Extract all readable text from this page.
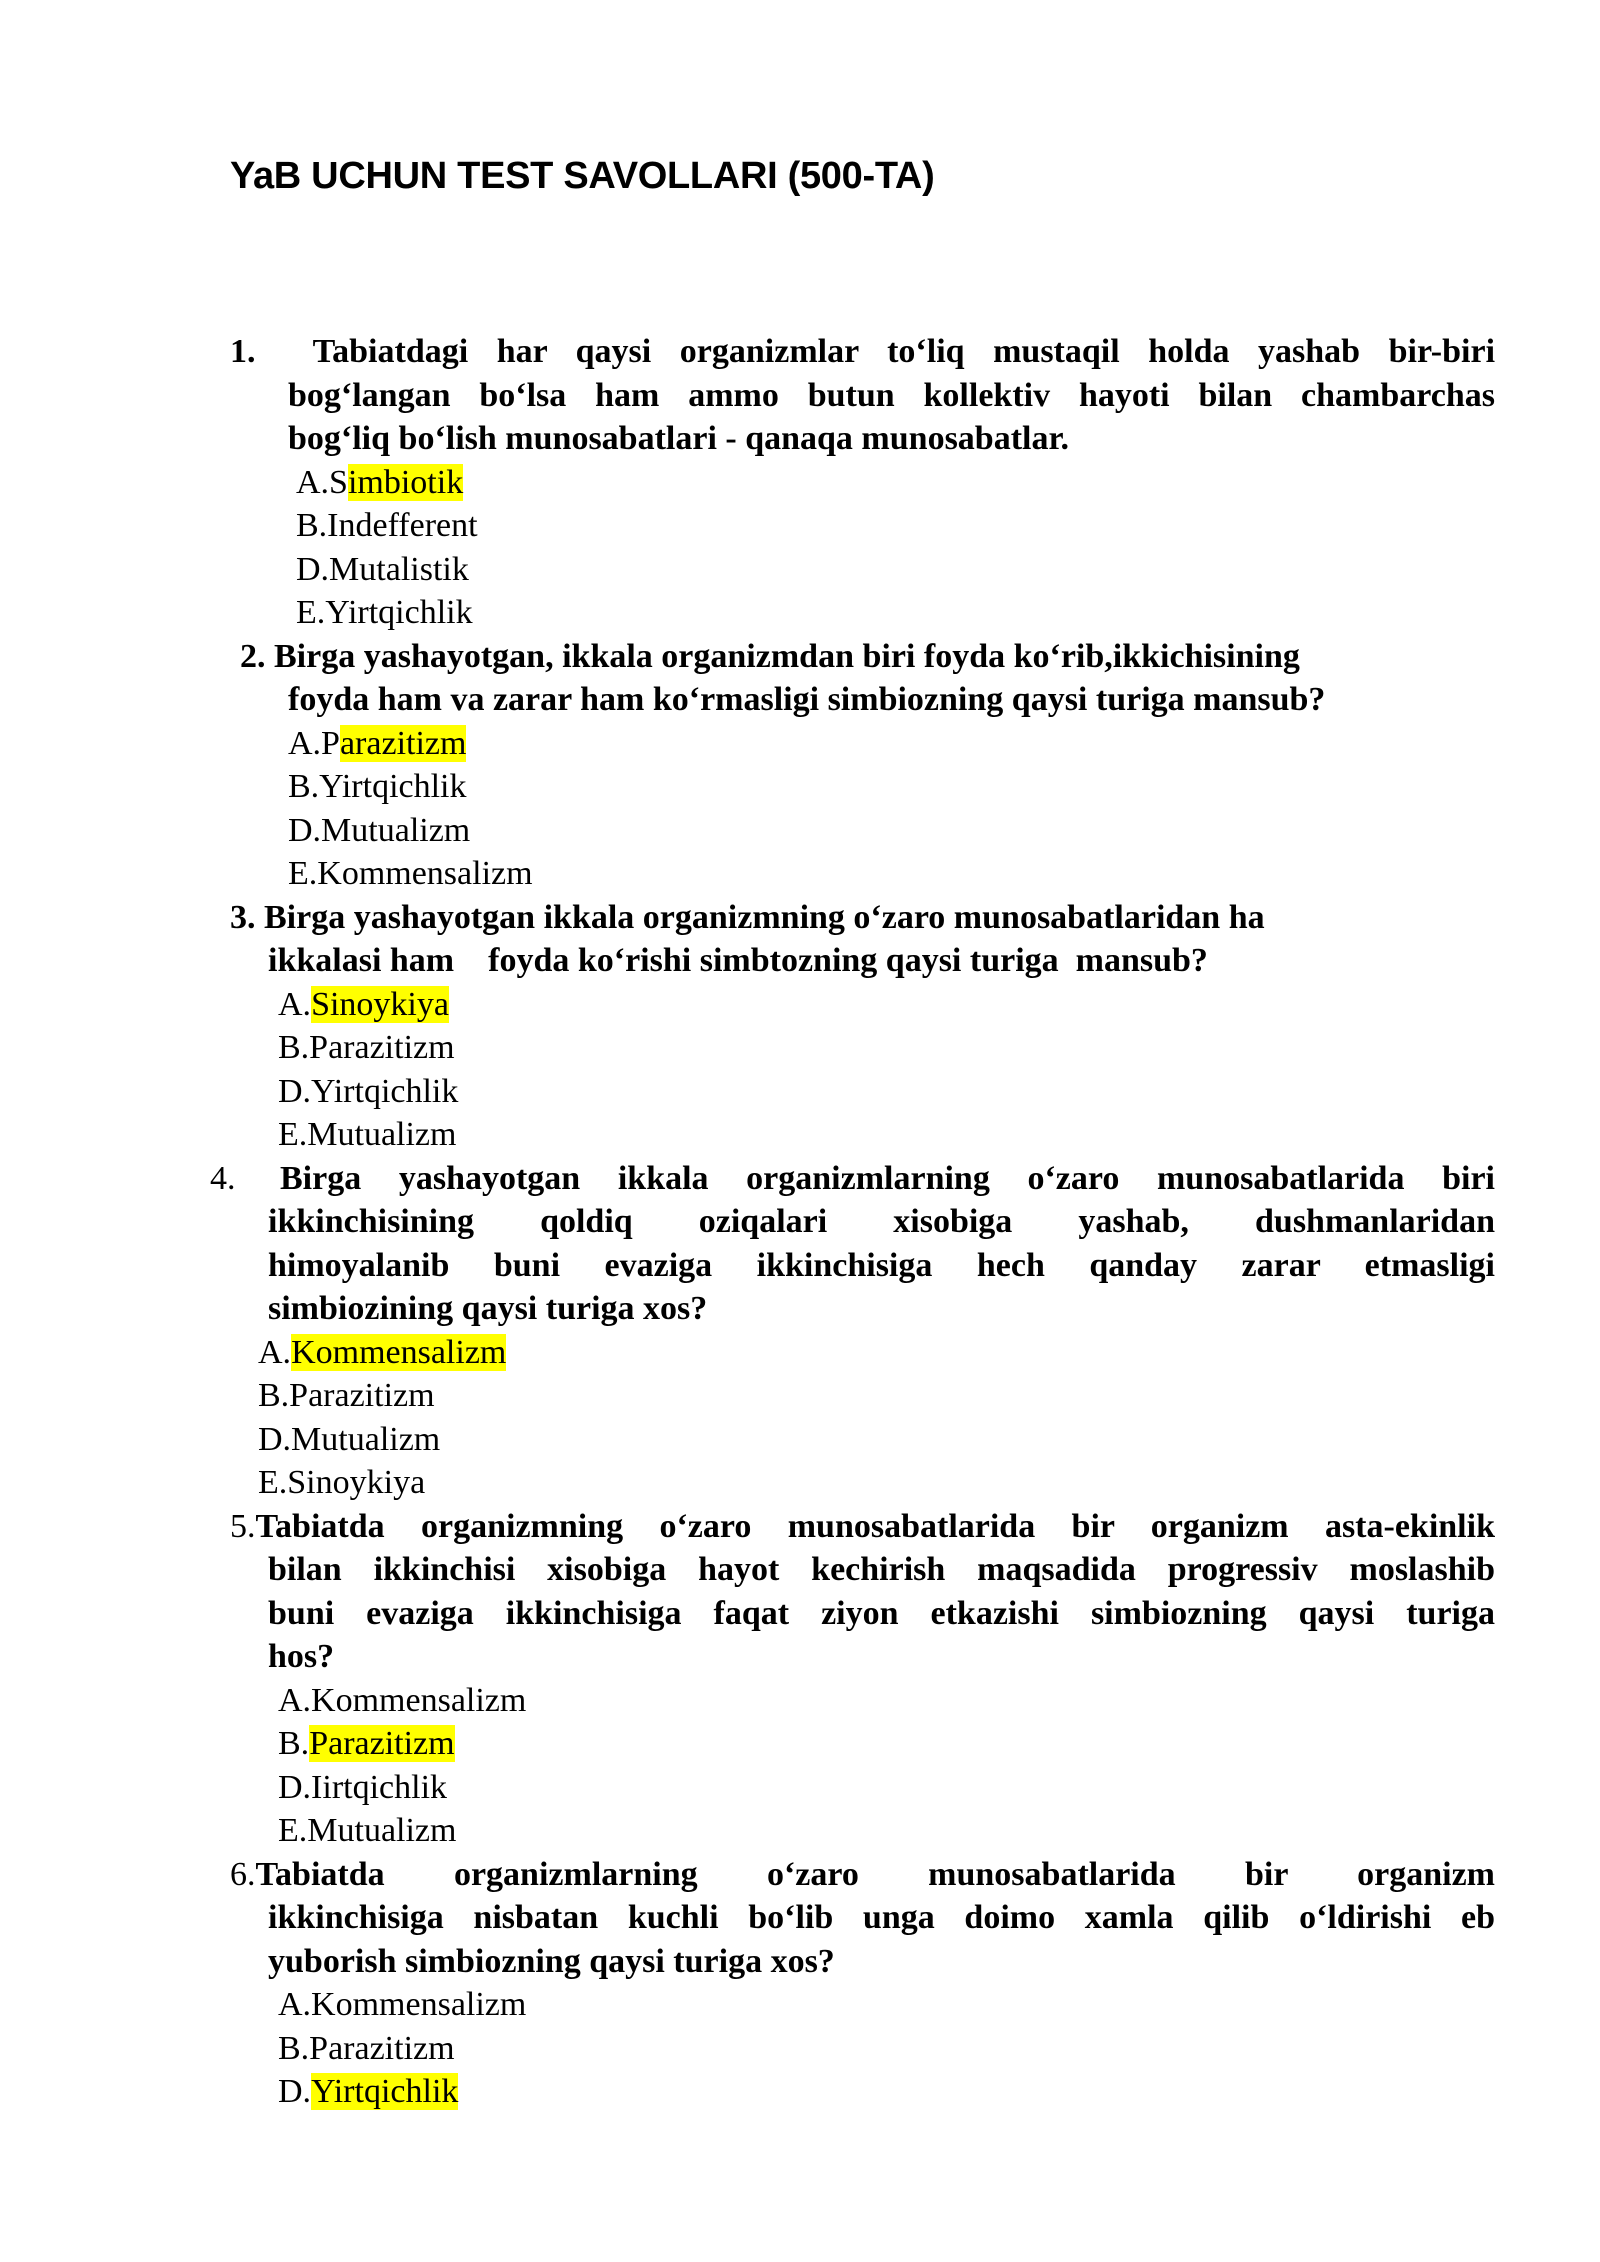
YaB UCHUN TEST SAVOLLARI (500-TA)
1. Tabiatdagi har qaysi organizmlar to‘liq mustaqil holda yashab bir-biri
bog‘langan bo‘lsa ham ammo butun kollektiv hayoti bilan chambarchas
bog‘liq bo‘lish munosabatlari - qanaqa munosabatlar.
A.Simbiotik
B.Indefferent
D.Mutalistik
E.Yirtqichlik
2. Birga yashayotgan, ikkala organizmdan biri foyda ko‘rib,ikkichisining
foyda ham va zarar ham ko‘rmasligi simbiozning qaysi turiga mansub?
A.Parazitizm
B.Yirtqichlik
D.Mutualizm
E.Kommensalizm
3. Birga yashayotgan ikkala organizmning o‘zaro munosabatlaridan ha
ikkalasi ham    foyda ko‘rishi simbtozning qaysi turiga  mansub?
A.Sinoykiya
B.Parazitizm
D.Yirtqichlik
E.Mutualizm
4. Birga yashayotgan ikkala organizmlarning o‘zaro munosabatlarida biri
ikkinchisining qoldiq oziqalari xisobiga yashab, dushmanlaridan
himoyalanib buni evaziga ikkinchisiga hech qanday zarar etmasligi
simbiozining qaysi turiga xos?
A.Kommensalizm
B.Parazitizm
D.Mutualizm
E.Sinoykiya
5.Tabiatda organizmning o‘zaro munosabatlarida bir organizm asta-ekinlik
bilan ikkinchisi xisobiga hayot kechirish maqsadida progressiv moslashib
buni evaziga ikkinchisiga faqat ziyon etkazishi simbiozning qaysi turiga
hos?
A.Kommensalizm
B.Parazitizm
D.Iirtqichlik
E.Mutualizm
6.Tabiatda organizmlarning o‘zaro munosabatlarida bir organizm
ikkinchisiga nisbatan kuchli bo‘lib unga doimo xamla qilib o‘ldirishi eb
yuborish simbiozning qaysi turiga xos?
A.Kommensalizm
B.Parazitizm
D.Yirtqichlik
